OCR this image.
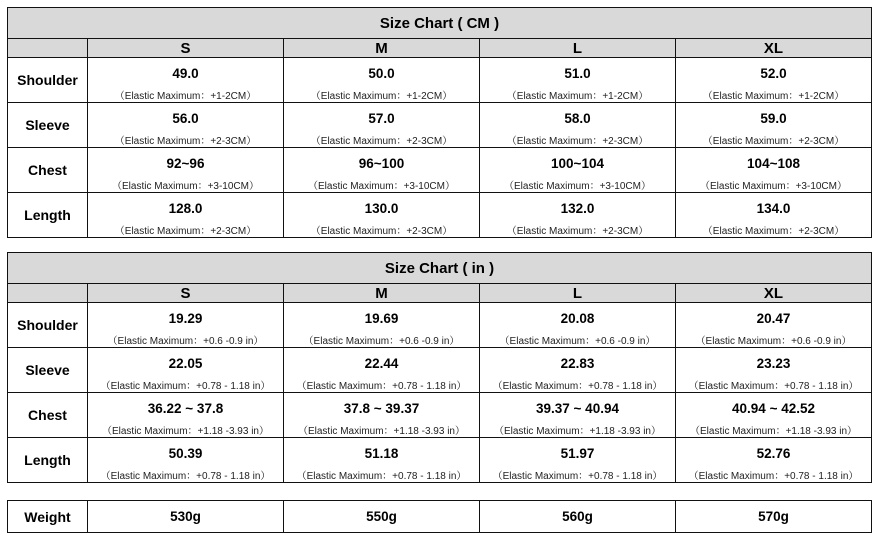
Size Chart ( CM )				
	S	M	L	XL
Shoulder	49.0	50.0	51.0	52.0
	（Elastic Maximum：+1-2CM）	（Elastic Maximum：+1-2CM）	（Elastic Maximum：+1-2CM）	（Elastic Maximum：+1-2CM）
Sleeve	56.0	57.0	58.0	59.0
	（Elastic Maximum：+2-3CM）	（Elastic Maximum：+2-3CM）	（Elastic Maximum：+2-3CM）	（Elastic Maximum：+2-3CM）
Chest	92~96	96~100	100~104	104~108
	（Elastic Maximum：+3-10CM）	（Elastic Maximum：+3-10CM）	（Elastic Maximum：+3-10CM）	（Elastic Maximum：+3-10CM）
Length	128.0	130.0	132.0	134.0
	（Elastic Maximum：+2-3CM）	（Elastic Maximum：+2-3CM）	（Elastic Maximum：+2-3CM）	（Elastic Maximum：+2-3CM）
Size Chart ( in )				
	S	M	L	XL
Shoulder	19.29	19.69	20.08	20.47
	（Elastic Maximum：+0.6 -0.9 in）	（Elastic Maximum：+0.6 -0.9 in）	（Elastic Maximum：+0.6 -0.9 in）	（Elastic Maximum：+0.6 -0.9 in）
Sleeve	22.05	22.44	22.83	23.23
	（Elastic Maximum：+0.78 - 1.18 in）	（Elastic Maximum：+0.78 - 1.18 in）	（Elastic Maximum：+0.78 - 1.18 in）	（Elastic Maximum：+0.78 - 1.18 in）
Chest	36.22 ~ 37.8	37.8 ~ 39.37	39.37 ~ 40.94	40.94 ~ 42.52
	（Elastic Maximum：+1.18 -3.93 in）	（Elastic Maximum：+1.18 -3.93 in）	（Elastic Maximum：+1.18 -3.93 in）	（Elastic Maximum：+1.18 -3.93 in）
Length	50.39	51.18	51.97	52.76
	（Elastic Maximum：+0.78 - 1.18 in）	（Elastic Maximum：+0.78 - 1.18 in）	（Elastic Maximum：+0.78 - 1.18 in）	（Elastic Maximum：+0.78 - 1.18 in）
Weight	530g	550g	560g	570g
